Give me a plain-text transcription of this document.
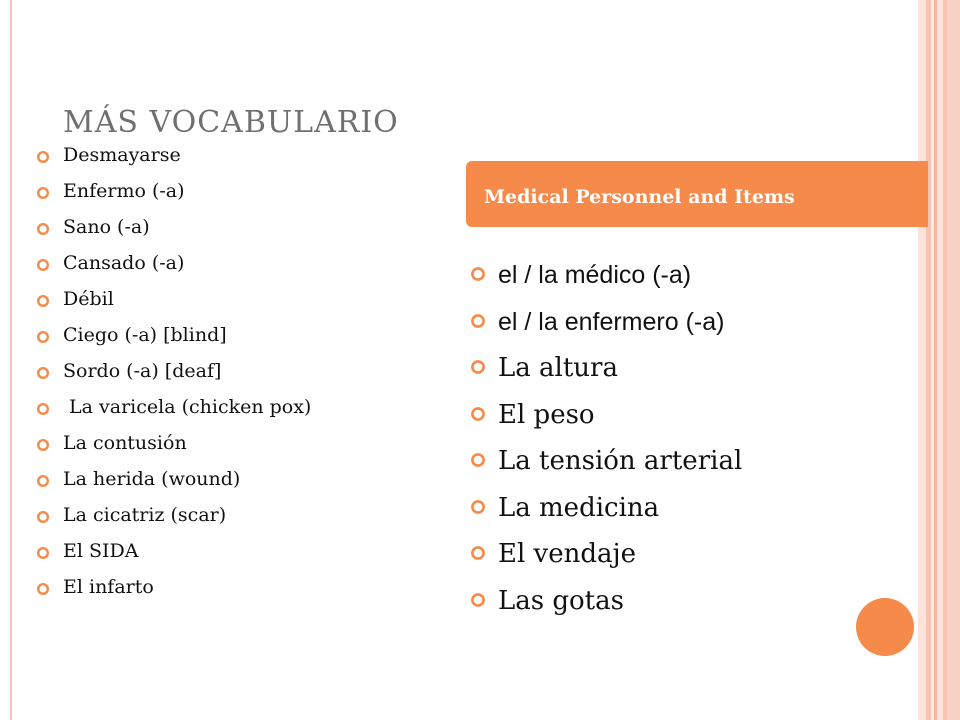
MÁS VOCABULARIO
Desmayarse
Enfermo (-a)
Sano (-a)
Cansado (-a)
Débil
Ciego (-a) [blind]
Sordo (-a) [deaf]
La varicela (chicken pox)
La contusión
La herida (wound)
La cicatriz (scar)
El SIDA
El infarto
Medical Personnel and Items
el / la médico (-a)
el / la enfermero (-a)
La altura
El peso
La tensión arterial
La medicina
El vendaje
Las gotas
